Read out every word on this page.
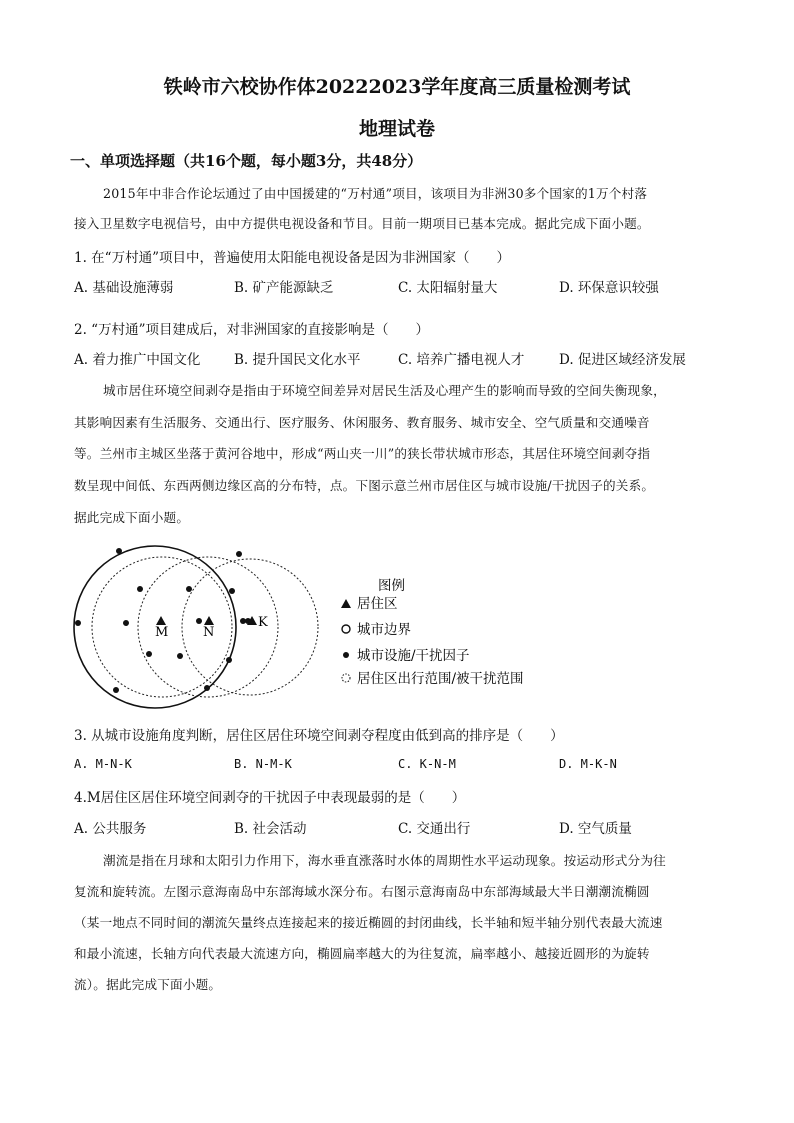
铁岭市六校协作体20222023学年度高三质量检测考试
地理试卷
一、单项选择题（共16个题，每小题3分，共48分）
2015年中非合作论坛通过了由中国援建的“万村通”项目，该项目为非洲30多个国家的1万个村落
接入卫星数字电视信号，由中方提供电视设备和节目。目前一期项目已基本完成。据此完成下面小题。
1. 在“万村通”项目中，普遍使用太阳能电视设备是因为非洲国家（　　）
A. 基础设施薄弱	B. 矿产能源缺乏	C. 太阳辐射量大	D. 环保意识较强
2. “万村通”项目建成后，对非洲国家的直接影响是（　　）
A. 着力推广中国文化 B. 提升国民文化水平	C. 培养广播电视人才	D. 促进区域经济发展
城市居住环境空间剥夺是指由于环境空间差异对居民生活及心理产生的影响而导致的空间失衡现象，
其影响因素有生活服务、交通出行、医疗服务、休闲服务、教育服务、城市安全、空气质量和交通噪音
等。兰州市主城区坐落于黄河谷地中，形成“两山夹一川”的狭长带状城市形态，其居住环境空间剥夺指
数呈现中间低、东西两侧边缘区高的分布特，点。下图示意兰州市居住区与城市设施/干扰因子的关系。
据此完成下面小题。
M	N
K
图例
居住区
城市边界
城市设施/干扰因子
居住区出行范围/被干扰范围
3. 从城市设施角度判断，居住区居住环境空间剥夺程度由低到高的排序是（　　）
A. M-N-K	B. N-M-K	C. K-N-M	D. M-K-N
4.M居住区居住环境空间剥夺的干扰因子中表现最弱的是（　　）
A. 公共服务	B. 社会活动	C. 交通出行	D. 空气质量
潮流是指在月球和太阳引力作用下，海水垂直涨落时水体的周期性水平运动现象。按运动形式分为往
复流和旋转流。左图示意海南岛中东部海域水深分布。右图示意海南岛中东部海域最大半日潮潮流椭圆
（某一地点不同时间的潮流矢量终点连接起来的接近椭圆的封闭曲线，长半轴和短半轴分别代表最大流速
和最小流速，长轴方向代表最大流速方向，椭圆扁率越大的为往复流，扁率越小、越接近圆形的为旋转
流）。据此完成下面小题。
